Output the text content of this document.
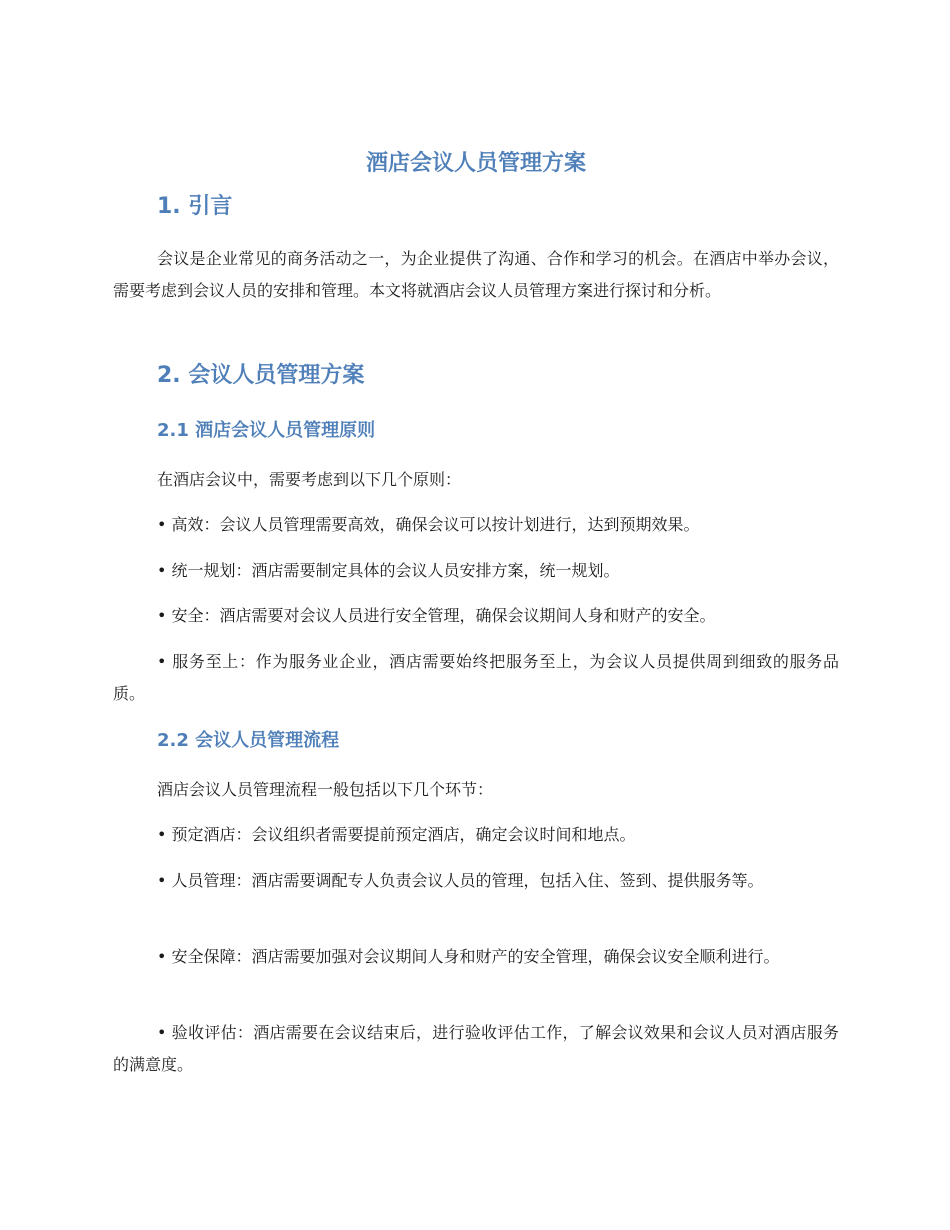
酒店会议人员管理方案
1. 引言

会议是企业常见的商务活动之一，为企业提供了沟通、合作和学习的机会。在酒店中举办会议，需要考虑到会议人员的安排和管理。本文将就酒店会议人员管理方案进行探讨和分析。

2. 会议人员管理方案
2.1 酒店会议人员管理原则

在酒店会议中，需要考虑到以下几个原则：

• 高效：会议人员管理需要高效，确保会议可以按计划进行，达到预期效果。

• 统一规划：酒店需要制定具体的会议人员安排方案，统一规划。

• 安全：酒店需要对会议人员进行安全管理，确保会议期间人身和财产的安全。

• 服务至上：作为服务业企业，酒店需要始终把服务至上，为会议人员提供周到细致的服务品质。

2.2 会议人员管理流程

酒店会议人员管理流程一般包括以下几个环节：

• 预定酒店：会议组织者需要提前预定酒店，确定会议时间和地点。

• 人员管理：酒店需要调配专人负责会议人员的管理，包括入住、签到、提供服务等。

• 安全保障：酒店需要加强对会议期间人身和财产的安全管理，确保会议安全顺利进行。

• 验收评估：酒店需要在会议结束后，进行验收评估工作，了解会议效果和会议人员对酒店服务的满意度。
